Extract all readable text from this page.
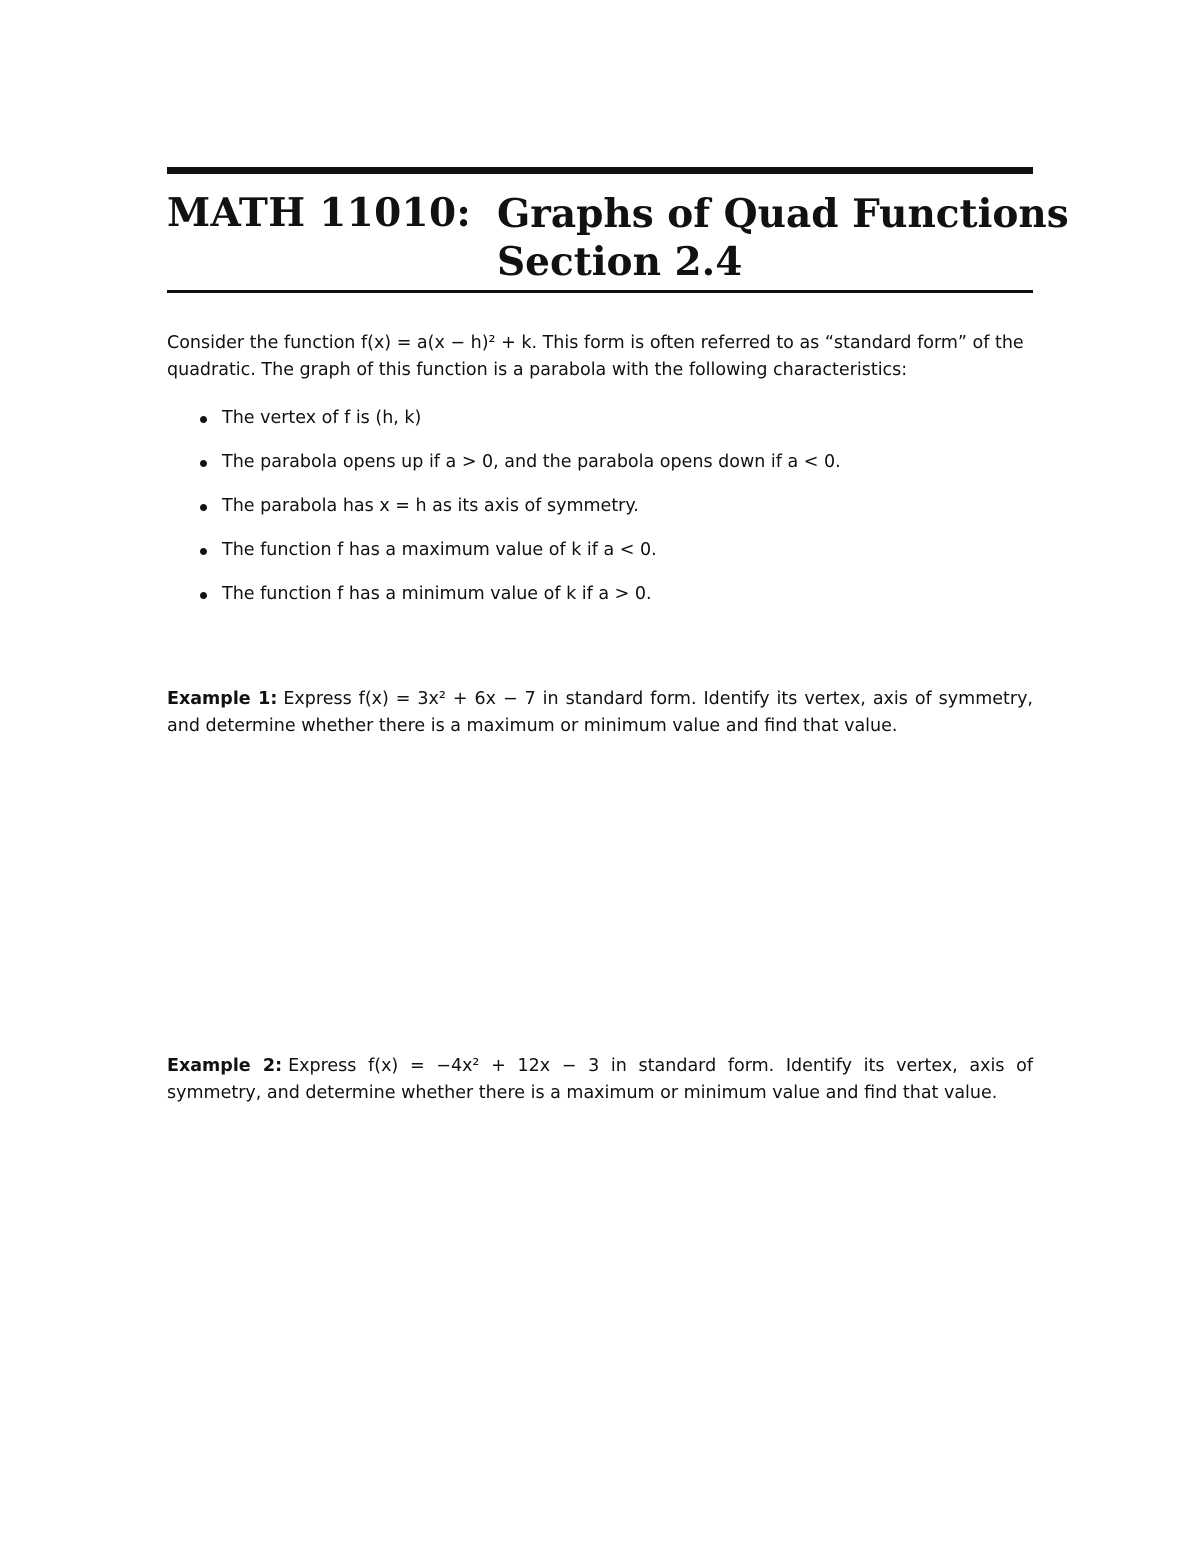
MATH 11010: Graphs of Quad Functions
Section 2.4
Consider the function f(x) = a(x − h)² + k. This form is often referred to as “standard form” of the quadratic. The graph of this function is a parabola with the following characteristics:
The vertex of f is (h, k)
The parabola opens up if a > 0, and the parabola opens down if a < 0.
The parabola has x = h as its axis of symmetry.
The function f has a maximum value of k if a < 0.
The function f has a minimum value of k if a > 0.
Example 1: Express f(x) = 3x² + 6x − 7 in standard form. Identify its vertex, axis of symmetry, and determine whether there is a maximum or minimum value and find that value.
Example 2: Express f(x) = −4x² + 12x − 3 in standard form. Identify its vertex, axis of symmetry, and determine whether there is a maximum or minimum value and find that value.
